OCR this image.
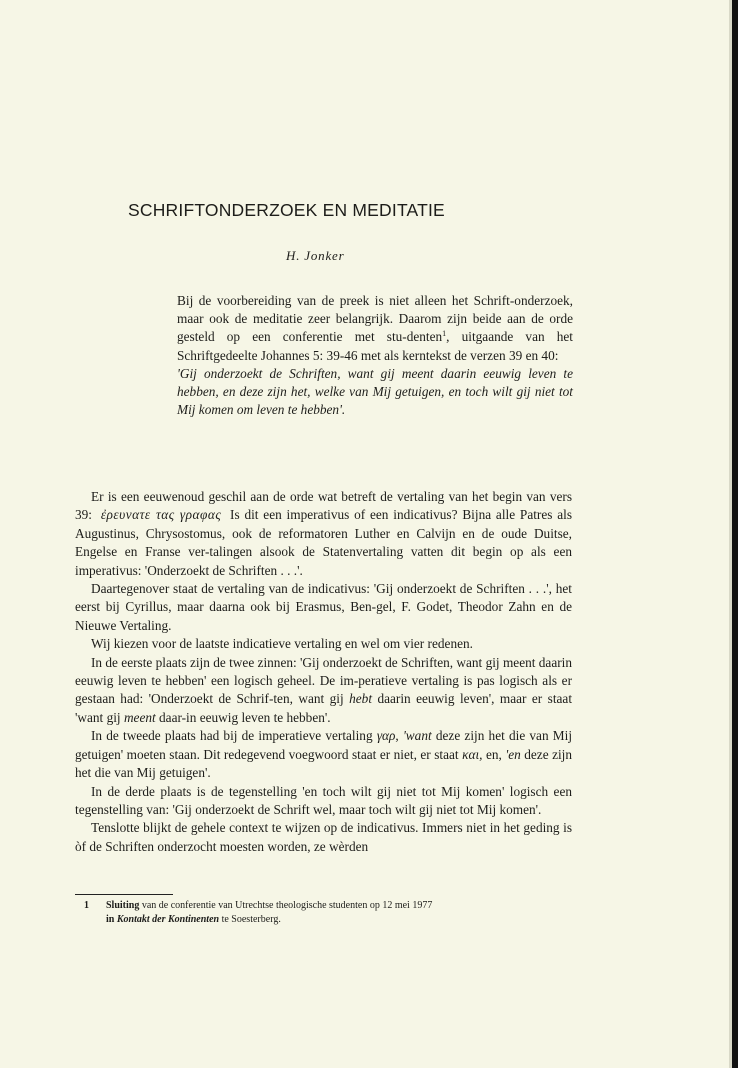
SCHRIFTONDERZOEK EN MEDITATIE
H. Jonker
Bij de voorbereiding van de preek is niet alleen het Schrift-onderzoek, maar ook de meditatie zeer belangrijk. Daarom zijn beide aan de orde gesteld op een conferentie met stu-denten$^1$, uitgaande van het Schriftgedeelte Johannes 5: 39-46 met als kerntekst de verzen 39 en 40:
'Gij onderzoekt de Schriften, want gij meent daarin eeuwig leven te hebben, en deze zijn het, welke van Mij getuigen, en toch wilt gij niet tot Mij komen om leven te hebben'.

Er is een eeuwenoud geschil aan de orde wat betreft de vertaling van het begin van vers 39: ἐρευνατε τας γραφας Is dit een imperativus of een indicativus? Bijna alle Patres als Augustinus, Chrysostomus, ook de reformatoren Luther en Calvijn en de oude Duitse, Engelse en Franse ver-talingen alsook de Statenvertaling vatten dit begin op als een imperativus: 'Onderzoekt de Schriften . . .'.

Daartegenover staat de vertaling van de indicativus: 'Gij onderzoekt de Schriften . . .', het eerst bij Cyrillus, maar daarna ook bij Erasmus, Ben-gel, F. Godet, Theodor Zahn en de Nieuwe Vertaling.

Wij kiezen voor de laatste indicatieve vertaling en wel om vier redenen.

In de eerste plaats zijn de twee zinnen: 'Gij onderzoekt de Schriften, want gij meent daarin eeuwig leven te hebben' een logisch geheel. De im-peratieve vertaling is pas logisch als er gestaan had: 'Onderzoekt de Schrif-ten, want gij hebt daarin eeuwig leven', maar er staat 'want gij meent daar-in eeuwig leven te hebben'.

In de tweede plaats had bij de imperatieve vertaling γαρ, 'want deze zijn het die van Mij getuigen' moeten staan. Dit redegevend voegwoord staat er niet, er staat και, en, 'en deze zijn het die van Mij getuigen'.

In de derde plaats is de tegenstelling 'en toch wilt gij niet tot Mij komen' logisch een tegenstelling van: 'Gij onderzoekt de Schrift wel, maar toch wilt gij niet tot Mij komen'.

Tenslotte blijkt de gehele context te wijzen op de indicativus. Immers niet in het geding is òf de Schriften onderzocht moesten worden, ze wèrden

1 Sluiting van de conferentie van Utrechtse theologische studenten op 12 mei 1977
in Kontakt der Kontinenten te Soesterberg.
